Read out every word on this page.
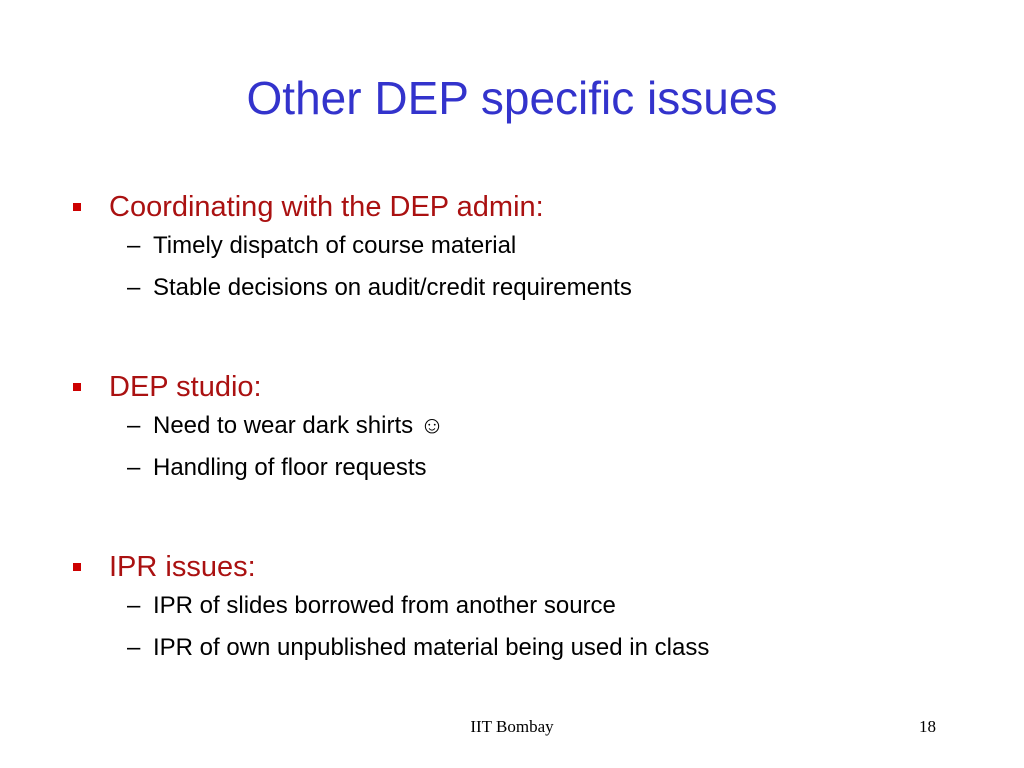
Other DEP specific issues
Coordinating with the DEP admin:
– Timely dispatch of course material
– Stable decisions on audit/credit requirements
DEP studio:
– Need to wear dark shirts ☺
– Handling of floor requests
IPR issues:
– IPR of slides borrowed from another source
– IPR of own unpublished material being used in class
IIT Bombay	18
